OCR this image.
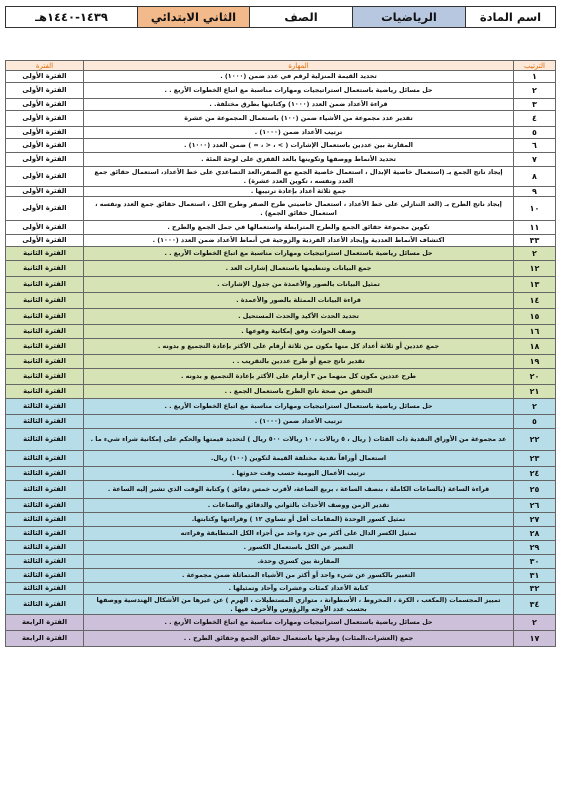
اسم المادة	الرياضيات	الصف	الثاني الابتدائي	١٤٣٩-١٤٤٠هـ
الترتيب	المهارة	الفترة
١	تحديد القيمة المنزلية لرقم في عدد ضمن (١٠٠٠) .	الفترة الأولى
٢	حل مسائل رياضية باستعمال استراتيجيات ومهارات مناسبة مع اتباع الخطوات الأربع . .	الفترة الأولى
٣	قراءة الأعداد ضمن العدد (١٠٠٠) وكتابتها بطرق مختلفة. .	الفترة الأولى
٤	تقدير عدد مجموعة من الأشياء ضمن (١٠٠) باستعمال المجموعة من عشرة	الفترة الأولى
٥	ترتيب الأعداد ضمن (١٠٠٠) .	الفترة الأولى
٦	المقارنة بين عددين باستعمال الإشارات ( > ، < ، = ) ضمن العدد (١٠٠٠) .	الفترة الأولى
٧	تحديد الأنماط ووصفها وتكوينها بالعد القفزي على لوحة المئة .	الفترة الأولى
٨	إيجاد ناتج الجمع بـ (استعمال خاصية الإبدال ، استعمال خاصية الجمع مع الصفر،العد التصاعدي على خط الأعداد، استعمال حقائق جمع العدد ونفسه ، تكوين العدد عشرة) .	الفترة الأولى
٩	جمع ثلاثة أعداد بإعادة ترتيبها .	الفترة الأولى
١٠	إيجاد ناتج الطرح بـ (العد التنازلي على خط الأعداد ، استعمال خاصيتي طرح الصفر وطرح الكل ، استعمال حقائق جمع العدد ونفسه ، استعمال حقائق الجمع) .	الفترة الأولى
١١	تكوين مجموعة حقائق الجمع والطرح المترابطة واستعمالها في جمل الجمع والطرح .	الفترة الأولى
٣٣	اكتشاف الأنماط العددية وإيجاد الأعداد الفردية والزوجية في أنماط الأعداد ضمن العدد (١٠٠٠) .	الفترة الأولى
٢	حل مسائل رياضية باستعمال استراتيجيات ومهارات مناسبة مع اتباع الخطوات الأربع . .	الفترة الثانية
١٢	جمع البيانات وتنظيمها باستعمال إشارات العد .	الفترة الثانية
١٣	تمثيل البيانات بالصور والأعمدة من جدول الإشارات .	الفترة الثانية
١٤	قراءة البيانات الممثلة بالصور والأعمدة .	الفترة الثانية
١٥	تحديد الحدث الأكيد والحدث المستحيل .	الفترة الثانية
١٦	وصف الحوادث وفق إمكانية وقوعها .	الفترة الثانية
١٨	جمع عددين أو ثلاثة أعداد كل منها مكون من ثلاثة أرقام على الأكثر بإعادة التجميع و بدونه .	الفترة الثانية
١٩	تقدير ناتج جمع أو طرح عددين بالتقريب . .	الفترة الثانية
٢٠	طرح عددين مكون كل منهما من ٣ أرقام على الأكثر بإعادة التجميع و بدونه .	الفترة الثانية
٢١	التحقق من صحة ناتج الطرح باستعمال الجمع . .	الفترة الثانية
٢	حل مسائل رياضية باستعمال استراتيجيات ومهارات مناسبة مع اتباع الخطوات الأربع . .	الفترة الثالثة
٥	ترتيب الأعداد ضمن (١٠٠٠) .	الفترة الثالثة
٢٢	عد مجموعة من الأوراق النقدية ذات الفئات ( ريال ، ٥ ريالات ، ١٠ ريالات ٥٠٠ ريال ) لتحديد قيمتها والحكم على إمكانية شراء شيء ما .	الفترة الثالثة
٢٣	استعمال أوراقاً نقدية مختلفة القيمة لتكوين (١٠٠) ريال.	الفترة الثالثة
٢٤	ترتيب الأعمال اليومية حسب وقت حدوثها .	الفترة الثالثة
٢٥	قراءة الساعة (بالساعات الكاملة ، بنصف الساعة ، بربع الساعة، لأقرب خمس دقائق ) وكتابة الوقت الذي تشير إليه الساعة .	الفترة الثالثة
٢٦	تقدير الزمن ووصف الأحداث بالثواني والدقائق والساعات .	الفترة الثالثة
٢٧	تمثيل كسور الوحدة (المقامات أقل أو تساوي ١٢ ) وقراءتها وكتابتها.	الفترة الثالثة
٢٨	تمثيل الكسر الدال على أكثر من جزء واحد من أجزاء الكل المتطابقة وقراءته	الفترة الثالثة
٢٩	التعبير عن الكل باستعمال الكسور .	الفترة الثالثة
٣٠	المقارنة بين كسري وحدة.	الفترة الثالثة
٣١	التعبير بالكسور عن شيء واحد أو أكثر من الأشياء المتماثلة ضمن مجموعة .	الفترة الثالثة
٣٢	كتابة الأعداد كمئات وعشرات وآحاد وتمثيلها .	الفترة الثالثة
٣٤	تمييز المجسمات (المكعب ، الكرة ، المخروط ، الأسطوانة ، متوازي المستطيلات ، الهرم ) عن غيرها من الأشكال الهندسية ووصفها بحسب عدد الأوجه والرؤوس والأحرف فيها .	الفترة الثالثة
٢	حل مسائل رياضية باستعمال استراتيجيات ومهارات مناسبة مع اتباع الخطوات الأربع . .	الفترة الرابعة
١٧	جمع (العشرات،المئات) وطرحها باستعمال حقائق الجمع وحقائق الطرح . .	الفترة الرابعة
